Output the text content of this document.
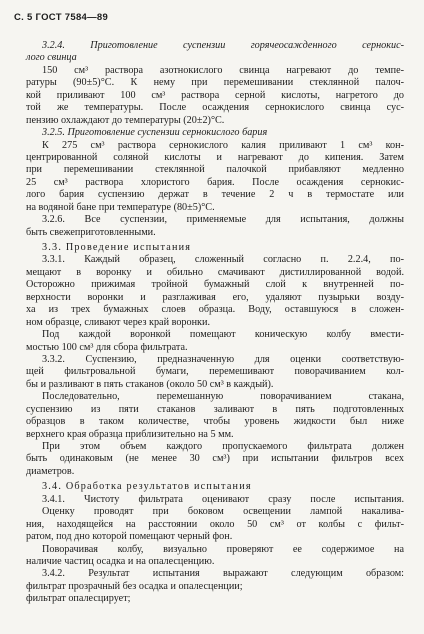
С. 5 ГОСТ 7584—89
3.2.4. Приготовление суспензии горячеосажденного сернокис-
лого свинца
150 см³ раствора азотнокислого свинца нагревают до темпе-
ратуры (90±5)°С. К нему при перемешивании стеклянной палоч-
кой приливают 100 см³ раствора серной кислоты, нагретого до
той же температуры. После осаждения сернокислого свинца сус-
пензию охлаждают до температуры (20±2)°С.
3.2.5. Приготовление суспензии сернокислого бария
К 275 см³ раствора сернокислого калия приливают 1 см³ кон-
центрированной соляной кислоты и нагревают до кипения. Затем
при перемешивании стеклянной палочкой прибавляют медленно
25 см³ раствора хлористого бария. После осаждения сернокис-
лого бария суспензию держат в течение 2 ч в термостате или
на водяной бане при температуре (80±5)°С.
3.2.6. Все суспензии, применяемые для испытания, должны
быть свежеприготовленными.
3.3. Проведение испытания
3.3.1. Каждый образец, сложенный согласно п. 2.2.4, по-
мещают в воронку и обильно смачивают дистиллированной водой.
Осторожно прижимая тройной бумажный слой к внутренней по-
верхности воронки и разглаживая его, удаляют пузырьки возду-
ха из трех бумажных слоев образца. Воду, оставшуюся в сложен-
ном образце, сливают через край воронки.
Под каждой воронкой помещают коническую колбу вмести-
мостью 100 см³ для сбора фильтрата.
3.3.2. Суспензию, предназначенную для оценки соответствую-
щей фильтровальной бумаги, перемешивают поворачиванием кол-
бы и разливают в пять стаканов (около 50 см³ в каждый).
Последовательно, перемешанную поворачиванием стакана,
суспензию из пяти стаканов заливают в пять подготовленных
образцов в таком количестве, чтобы уровень жидкости был ниже
верхнего края образца приблизительно на 5 мм.
При этом объем каждого пропускаемого фильтрата должен
быть одинаковым (не менее 30 см³) при испытании фильтров всех
диаметров.
3.4. Обработка результатов испытания
3.4.1. Чистоту фильтрата оценивают сразу после испытания.
Оценку проводят при боковом освещении лампой накалива-
ния, находящейся на расстоянии около 50 см³ от колбы с фильт-
ратом, под дно которой помещают черный фон.
Поворачивая колбу, визуально проверяют ее содержимое на
наличие частиц осадка и на опалесценцию.
3.4.2. Результат испытания выражают следующим образом:
фильтрат прозрачный без осадка и опалесценции;
фильтрат опалесцирует;
